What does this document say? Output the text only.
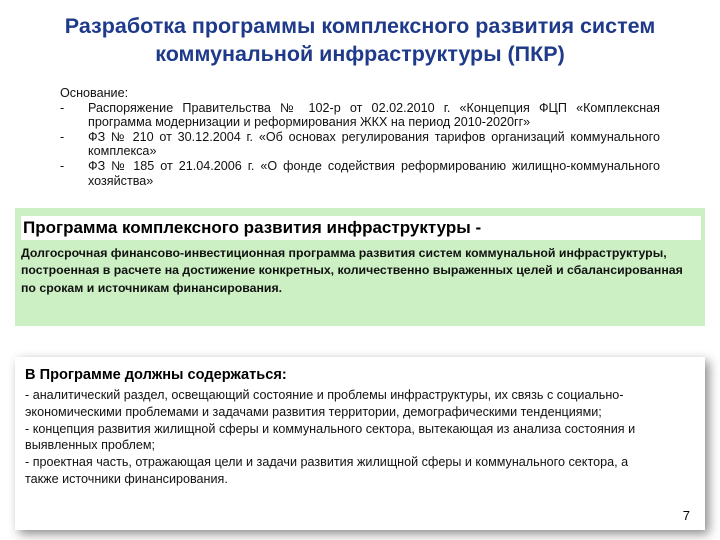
Разработка программы комплексного развития систем коммунальной инфраструктуры (ПКР)
Основание:
-	Распоряжение Правительства № 102-р от 02.02.2010 г. «Концепция ФЦП «Комплексная программа модернизации и реформирования ЖКХ на период 2010-2020гг»
-	ФЗ № 210 от 30.12.2004 г. «Об основах регулирования тарифов организаций коммунального комплекса»
-	ФЗ № 185 от 21.04.2006 г. «О фонде содействия реформированию жилищно-коммунального хозяйства»
Программа комплексного развития инфраструктуры -
Долгосрочная финансово-инвестиционная программа развития систем коммунальной инфраструктуры, построенная в расчете на достижение конкретных, количественно выраженных целей и сбалансированная по срокам и источникам финансирования.
В Программе должны содержаться:
- аналитический раздел, освещающий состояние и проблемы инфраструктуры, их связь с социально-экономическими проблемами и задачами развития территории, демографическими тенденциями;
- концепция развития жилищной сферы и коммунального сектора, вытекающая из анализа состояния и выявленных проблем;
- проектная часть, отражающая цели и задачи развития жилищной сферы и коммунального сектора, а также источники финансирования.
7
